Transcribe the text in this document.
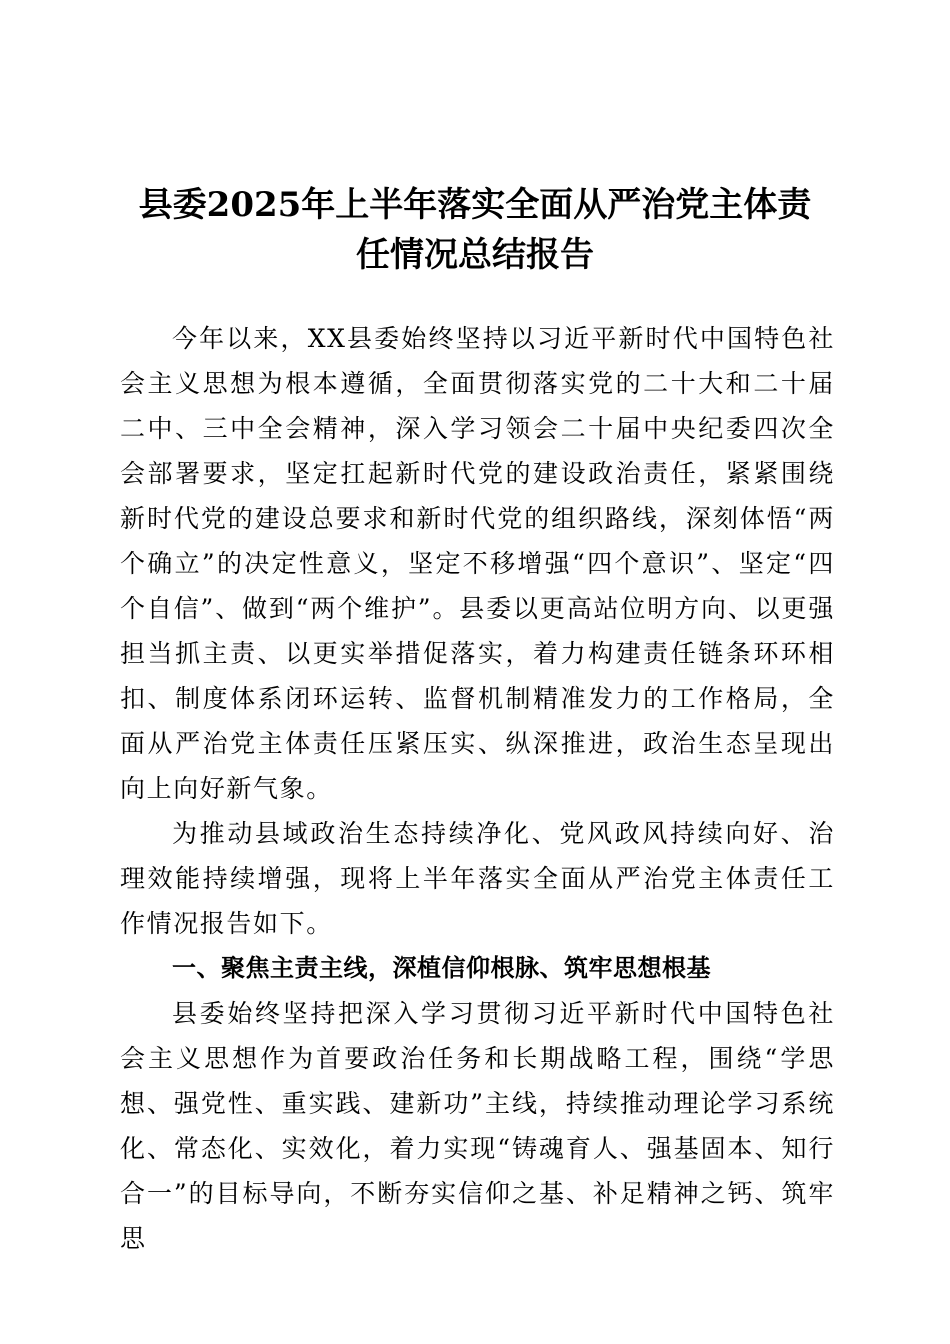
县委2025年上半年落实全面从严治党主体责
任情况总结报告

今年以来，XX县委始终坚持以习近平新时代中国特色社会主义思想为根本遵循，全面贯彻落实党的二十大和二十届二中、三中全会精神，深入学习领会二十届中央纪委四次全会部署要求，坚定扛起新时代党的建设政治责任，紧紧围绕新时代党的建设总要求和新时代党的组织路线，深刻体悟“两个确立”的决定性意义，坚定不移增强“四个意识”、坚定“四个自信”、做到“两个维护”。县委以更高站位明方向、以更强担当抓主责、以更实举措促落实，着力构建责任链条环环相扣、制度体系闭环运转、监督机制精准发力的工作格局，全面从严治党主体责任压紧压实、纵深推进，政治生态呈现出向上向好新气象。

为推动县域政治生态持续净化、党风政风持续向好、治理效能持续增强，现将上半年落实全面从严治党主体责任工作情况报告如下。

一、聚焦主责主线，深植信仰根脉、筑牢思想根基

县委始终坚持把深入学习贯彻习近平新时代中国特色社会主义思想作为首要政治任务和长期战略工程，围绕“学思想、强党性、重实践、建新功”主线，持续推动理论学习系统化、常态化、实效化，着力实现“铸魂育人、强基固本、知行合一”的目标导向，不断夯实信仰之基、补足精神之钙、筑牢思
